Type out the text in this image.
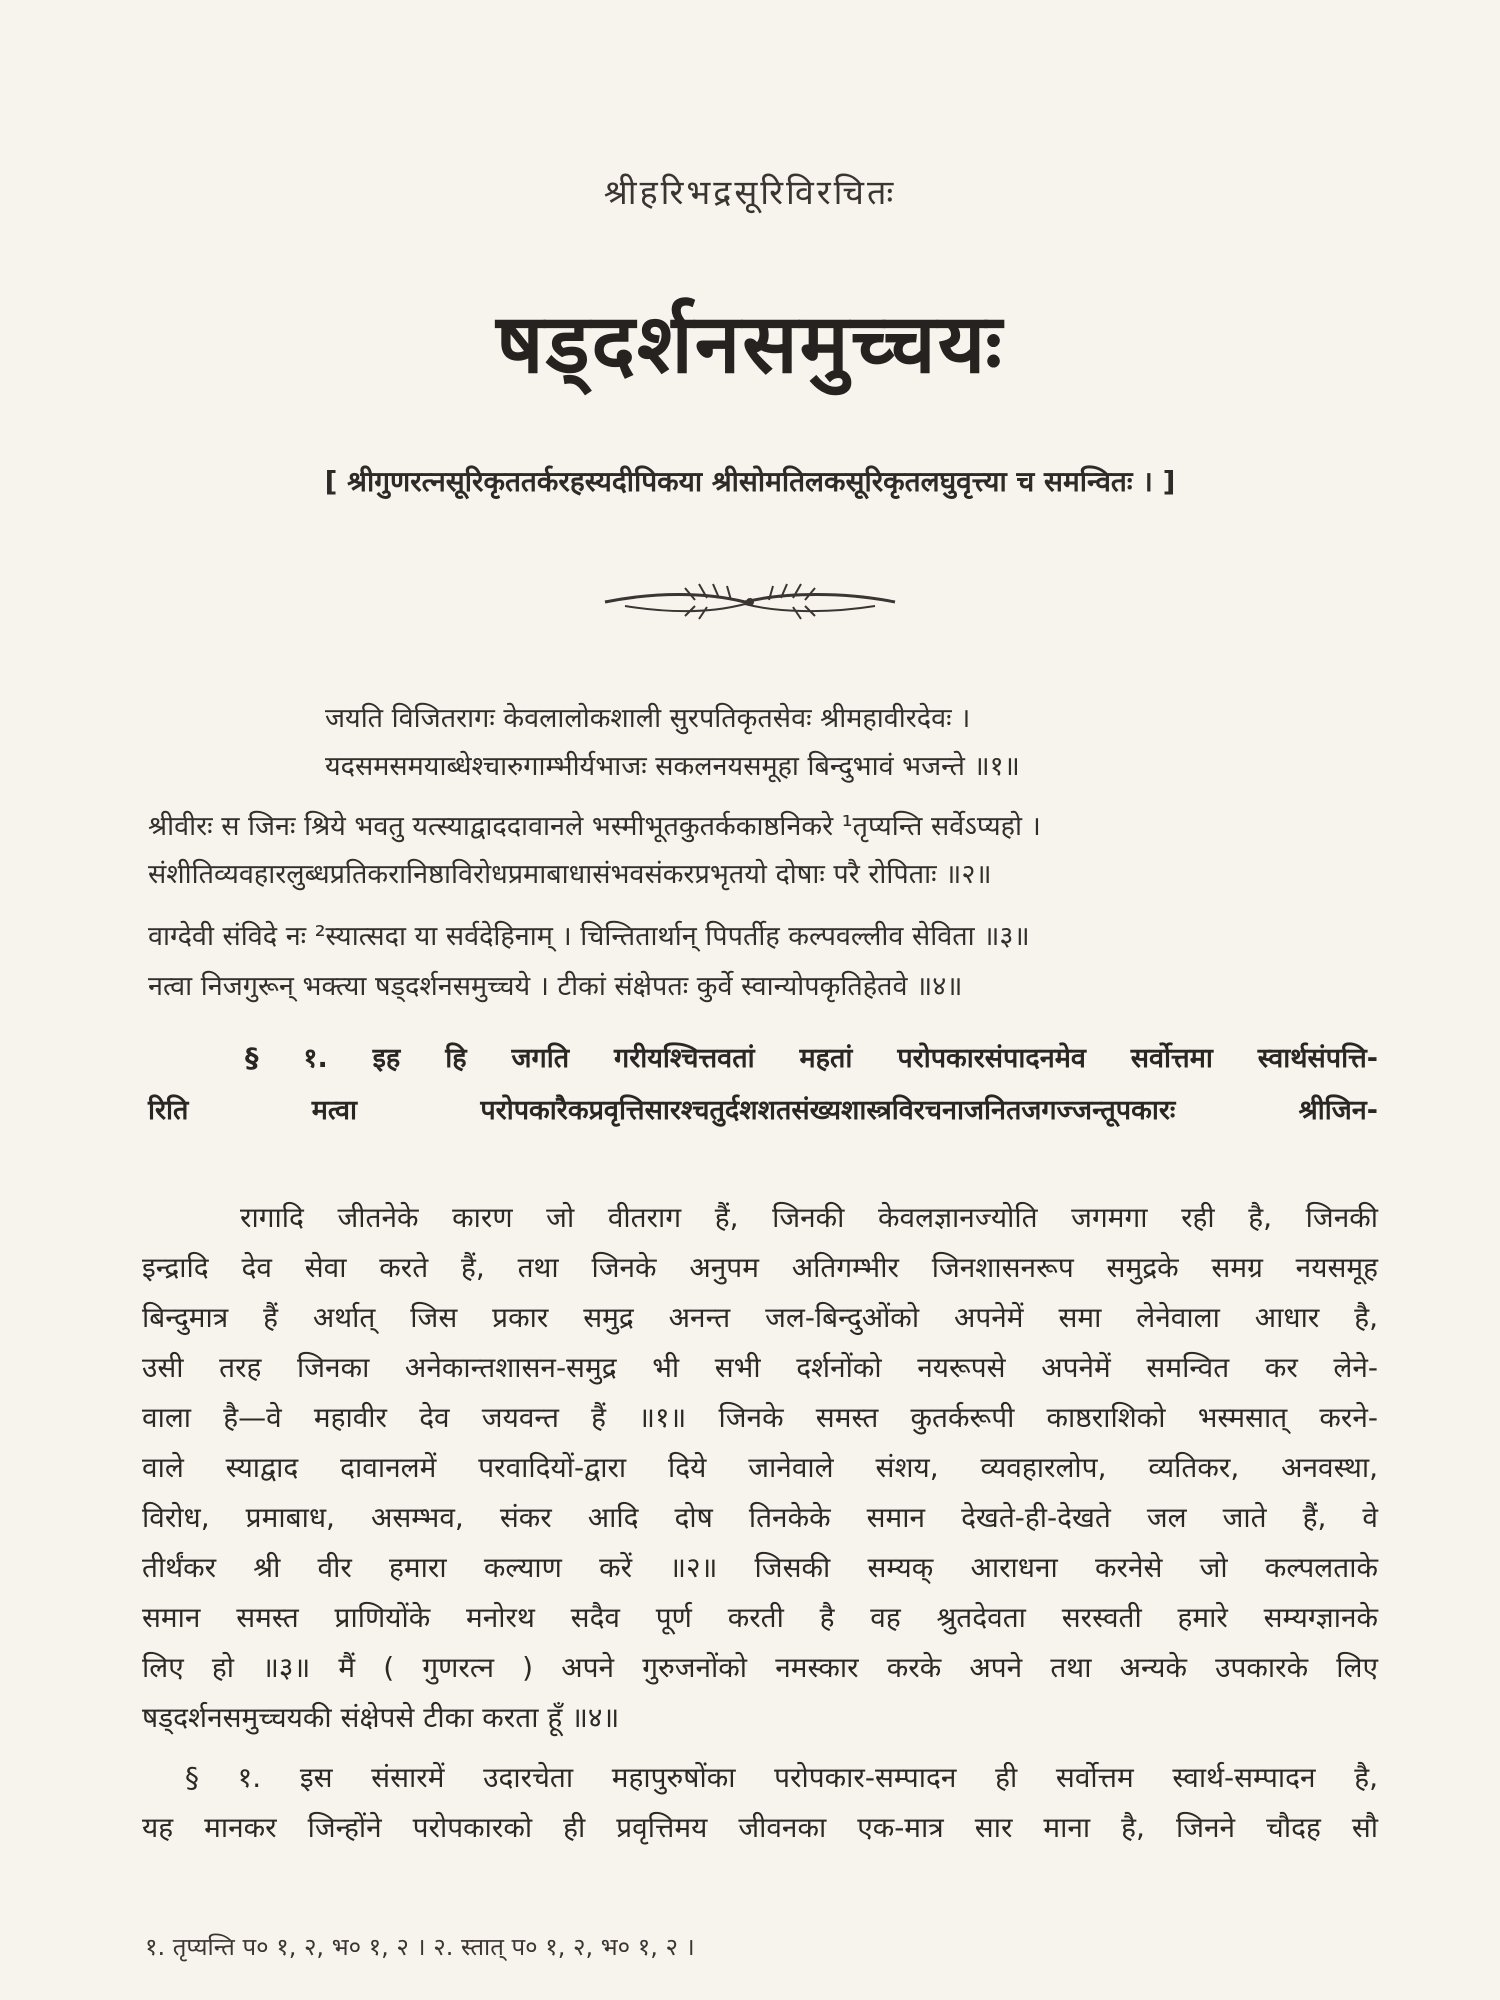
श्रीहरिभद्रसूरिविरचितः
षड्दर्शनसमुच्चयः
[ श्रीगुणरत्नसूरिकृततर्करहस्यदीपिकया श्रीसोमतिलकसूरिकृतलघुवृत्त्या च समन्वितः । ]
जयति विजितरागः केवलालोकशाली सुरपतिकृतसेवः श्रीमहावीरदेवः ।
यदसमसमयाब्धेश्चारुगाम्भीर्यभाजः सकलनयसमूहा बिन्दुभावं भजन्ते ॥१॥
श्रीवीरः स जिनः श्रिये भवतु यत्स्याद्वाददावानले भस्मीभूतकुतर्ककाष्ठनिकरे ¹तृप्यन्ति सर्वेऽप्यहो ।
संशीतिव्यवहारलुब्धप्रतिकरानिष्ठाविरोधप्रमाबाधासंभवसंकरप्रभृतयो दोषाः परै रोपिताः ॥२॥
वाग्देवी संविदे नः ²स्यात्सदा या सर्वदेहिनाम् । चिन्तितार्थान् पिपर्तीह कल्पवल्लीव सेविता ॥३॥
नत्वा निजगुरून् भक्त्या षड्दर्शनसमुच्चये । टीकां संक्षेपतः कुर्वे स्वान्योपकृतिहेतवे ॥४॥
§ १. इह हि जगति गरीयश्चित्तवतां महतां परोपकारसंपादनमेव सर्वोत्तमा स्वार्थसंपत्ति-
रिति मत्वा परोपकारैकप्रवृत्तिसारश्चतुर्दशशतसंख्यशास्त्रविरचनाजनितजगज्जन्तूपकारः श्रीजिन-
रागादि जीतनेके कारण जो वीतराग हैं, जिनकी केवलज्ञानज्योति जगमगा रही है, जिनकी
इन्द्रादि देव सेवा करते हैं, तथा जिनके अनुपम अतिगम्भीर जिनशासनरूप समुद्रके समग्र नयसमूह
बिन्दुमात्र हैं अर्थात् जिस प्रकार समुद्र अनन्त जल-बिन्दुओंको अपनेमें समा लेनेवाला आधार है,
उसी तरह जिनका अनेकान्तशासन-समुद्र भी सभी दर्शनोंको नयरूपसे अपनेमें समन्वित कर लेने-
वाला है—वे महावीर देव जयवन्त हैं ॥१॥ जिनके समस्त कुतर्करूपी काष्ठराशिको भस्मसात् करने-
वाले स्याद्वाद दावानलमें परवादियों-द्वारा दिये जानेवाले संशय, व्यवहारलोप, व्यतिकर, अनवस्था,
विरोध, प्रमाबाध, असम्भव, संकर आदि दोष तिनकेके समान देखते-ही-देखते जल जाते हैं, वे
तीर्थंकर श्री वीर हमारा कल्याण करें ॥२॥ जिसकी सम्यक् आराधना करनेसे जो कल्पलताके
समान समस्त प्राणियोंके मनोरथ सदैव पूर्ण करती है वह श्रुतदेवता सरस्वती हमारे सम्यग्ज्ञानके
लिए हो ॥३॥ मैं ( गुणरत्न ) अपने गुरुजनोंको नमस्कार करके अपने तथा अन्यके उपकारके लिए
षड्दर्शनसमुच्चयकी संक्षेपसे टीका करता हूँ ॥४॥
§ १. इस संसारमें उदारचेता महापुरुषोंका परोपकार-सम्पादन ही सर्वोत्तम स्वार्थ-सम्पादन है,
यह मानकर जिन्होंने परोपकारको ही प्रवृत्तिमय जीवनका एक-मात्र सार माना है, जिनने चौदह सौ
१. तृप्यन्ति प० १, २, भ० १, २ । २. स्तात् प० १, २, भ० १, २ ।
